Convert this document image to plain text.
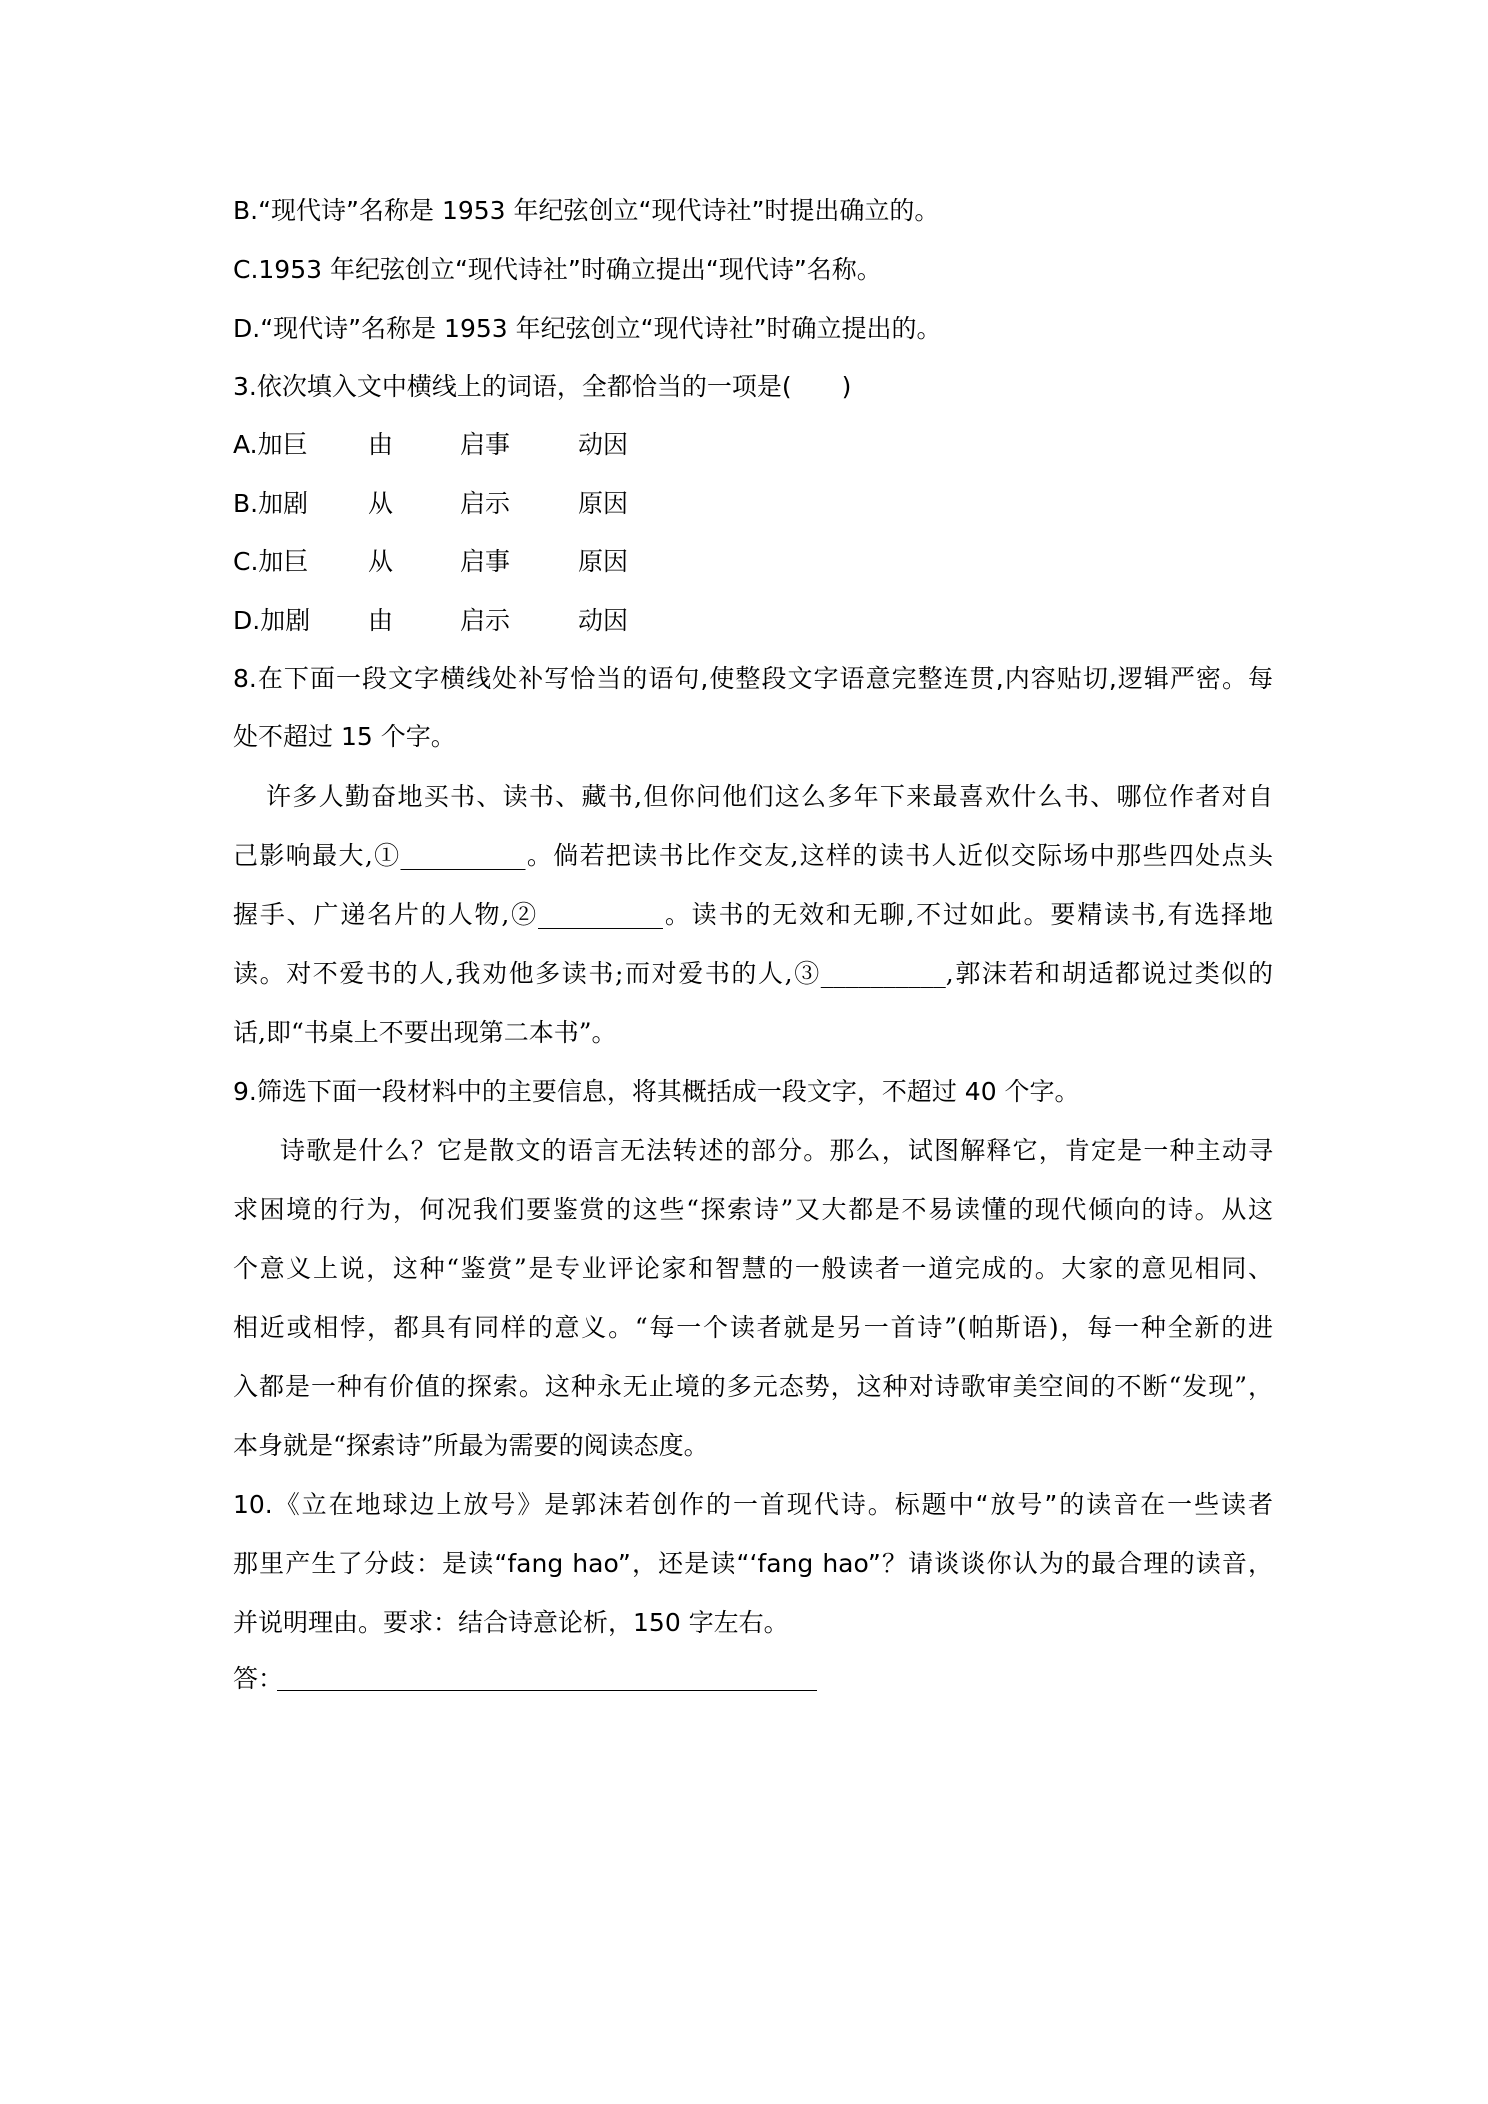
B.“现代诗”名称是 1953 年纪弦创立“现代诗社”时提出确立的。
C.1953 年纪弦创立“现代诗社”时确立提出“现代诗”名称。
D.“现代诗”名称是 1953 年纪弦创立“现代诗社”时确立提出的。
3.依次填入文中横线上的词语，全都恰当的一项是(　　)
A.加巨 由	启事	动因
B.加剧 从	启示	原因
C.加巨 从	启事	原因
D.加剧 由	启示	动因
8.在下面一段文字横线处补写恰当的语句,使整段文字语意完整连贯,内容贴切,逻辑严密。每
处不超过 15 个字。
许多人勤奋地买书、读书、藏书,但你问他们这么多年下来最喜欢什么书、哪位作者对自
己影响最大,①__________。倘若把读书比作交友,这样的读书人近似交际场中那些四处点头
握手、广递名片的人物,②__________。读书的无效和无聊,不过如此。要精读书,有选择地
读。对不爱书的人,我劝他多读书;而对爱书的人,③__________,郭沫若和胡适都说过类似的
话,即“书桌上不要出现第二本书”。
9.筛选下面一段材料中的主要信息，将其概括成一段文字，不超过 40 个字。
诗歌是什么？它是散文的语言无法转述的部分。那么，试图解释它，肯定是一种主动寻
求困境的行为，何况我们要鉴赏的这些“探索诗”又大都是不易读懂的现代倾向的诗。从这
个意义上说，这种“鉴赏”是专业评论家和智慧的一般读者一道完成的。大家的意见相同、
相近或相悖，都具有同样的意义。“每一个读者就是另一首诗”(帕斯语)，每一种全新的进
入都是一种有价值的探索。这种永无止境的多元态势，这种对诗歌审美空间的不断“发现”，
本身就是“探索诗”所最为需要的阅读态度。
10.《立在地球边上放号》是郭沫若创作的一首现代诗。标题中“放号”的读音在一些读者
那里产生了分歧：是读“fang hao”，还是读“‘fang hao”？请谈谈你认为的最合理的读音，
并说明理由。要求：结合诗意论析，150 字左右。
答：
